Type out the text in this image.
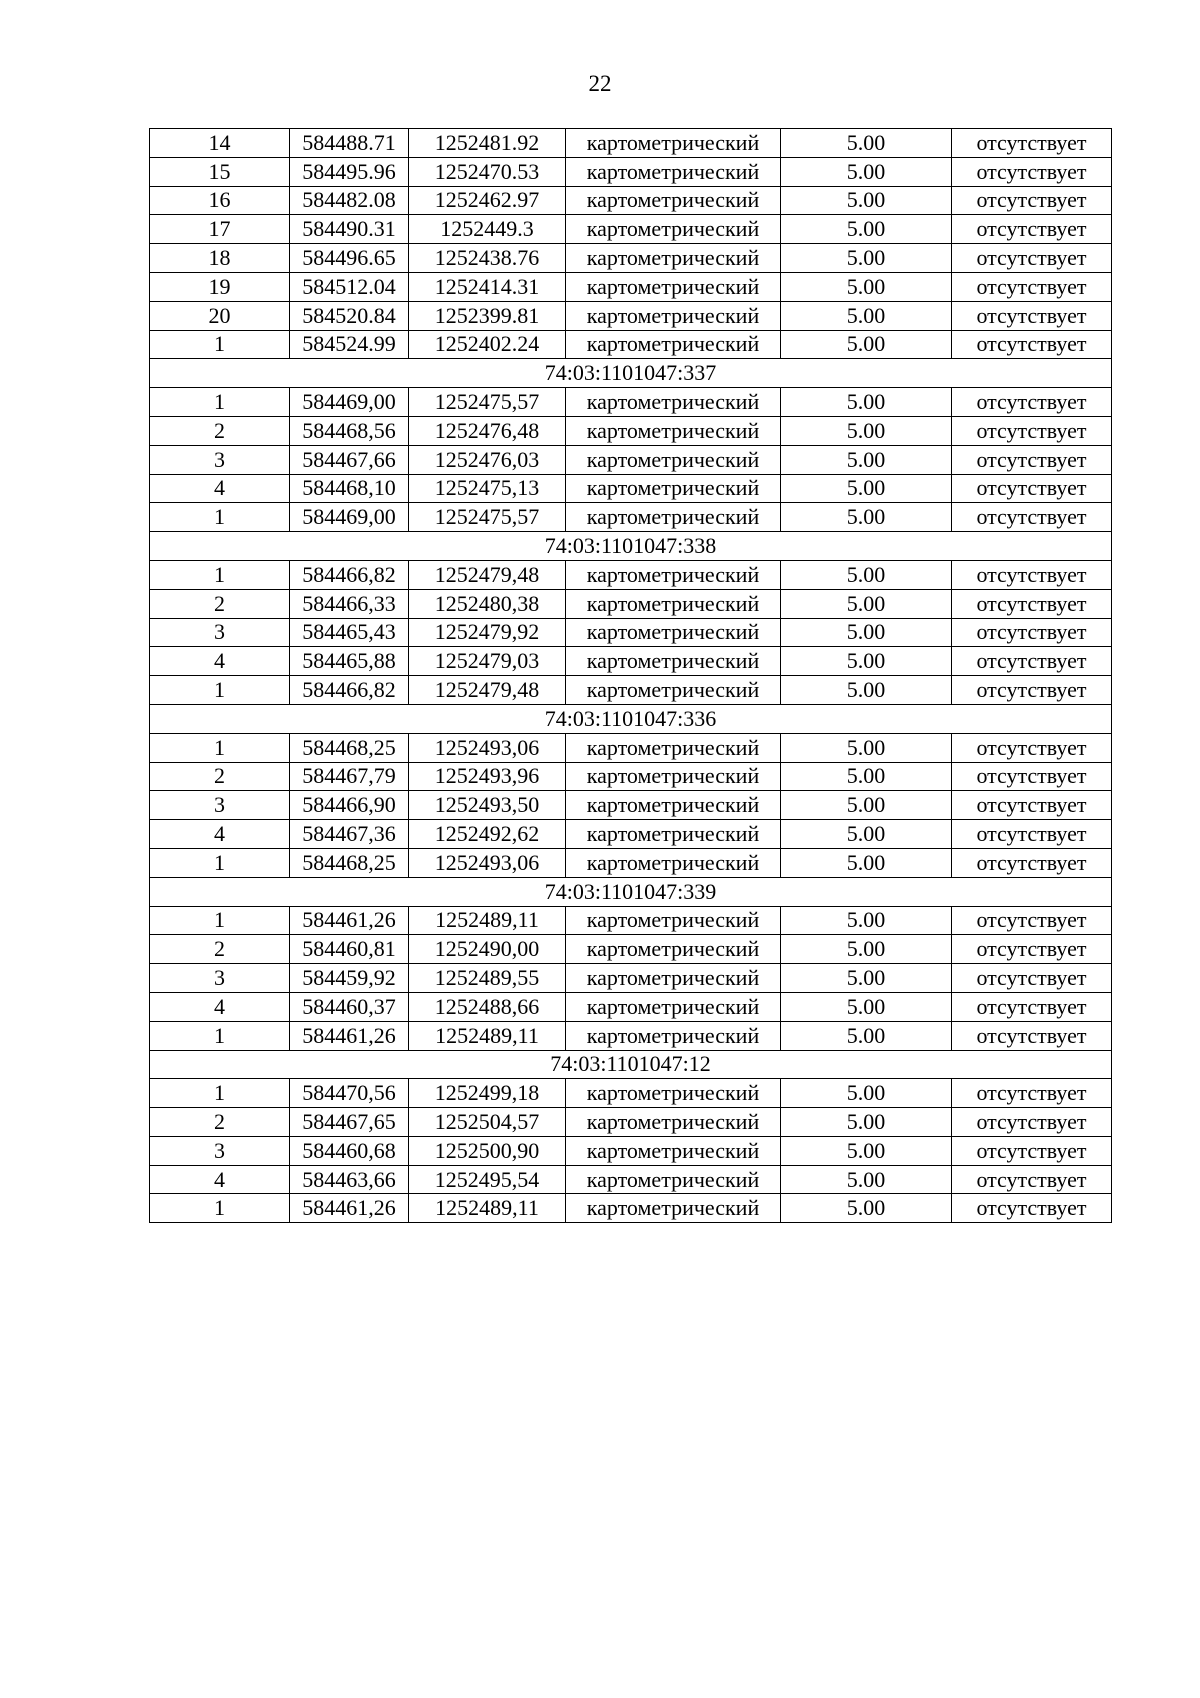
22
14	584488.71	1252481.92	картометрический	5.00	отсутствует
15	584495.96	1252470.53	картометрический	5.00	отсутствует
16	584482.08	1252462.97	картометрический	5.00	отсутствует
17	584490.31	1252449.3	картометрический	5.00	отсутствует
18	584496.65	1252438.76	картометрический	5.00	отсутствует
19	584512.04	1252414.31	картометрический	5.00	отсутствует
20	584520.84	1252399.81	картометрический	5.00	отсутствует
1	584524.99	1252402.24	картометрический	5.00	отсутствует
74:03:1101047:337					
1	584469,00	1252475,57	картометрический	5.00	отсутствует
2	584468,56	1252476,48	картометрический	5.00	отсутствует
3	584467,66	1252476,03	картометрический	5.00	отсутствует
4	584468,10	1252475,13	картометрический	5.00	отсутствует
1	584469,00	1252475,57	картометрический	5.00	отсутствует
74:03:1101047:338					
1	584466,82	1252479,48	картометрический	5.00	отсутствует
2	584466,33	1252480,38	картометрический	5.00	отсутствует
3	584465,43	1252479,92	картометрический	5.00	отсутствует
4	584465,88	1252479,03	картометрический	5.00	отсутствует
1	584466,82	1252479,48	картометрический	5.00	отсутствует
74:03:1101047:336					
1	584468,25	1252493,06	картометрический	5.00	отсутствует
2	584467,79	1252493,96	картометрический	5.00	отсутствует
3	584466,90	1252493,50	картометрический	5.00	отсутствует
4	584467,36	1252492,62	картометрический	5.00	отсутствует
1	584468,25	1252493,06	картометрический	5.00	отсутствует
74:03:1101047:339					
1	584461,26	1252489,11	картометрический	5.00	отсутствует
2	584460,81	1252490,00	картометрический	5.00	отсутствует
3	584459,92	1252489,55	картометрический	5.00	отсутствует
4	584460,37	1252488,66	картометрический	5.00	отсутствует
1	584461,26	1252489,11	картометрический	5.00	отсутствует
74:03:1101047:12					
1	584470,56	1252499,18	картометрический	5.00	отсутствует
2	584467,65	1252504,57	картометрический	5.00	отсутствует
3	584460,68	1252500,90	картометрический	5.00	отсутствует
4	584463,66	1252495,54	картометрический	5.00	отсутствует
1	584461,26	1252489,11	картометрический	5.00	отсутствует
